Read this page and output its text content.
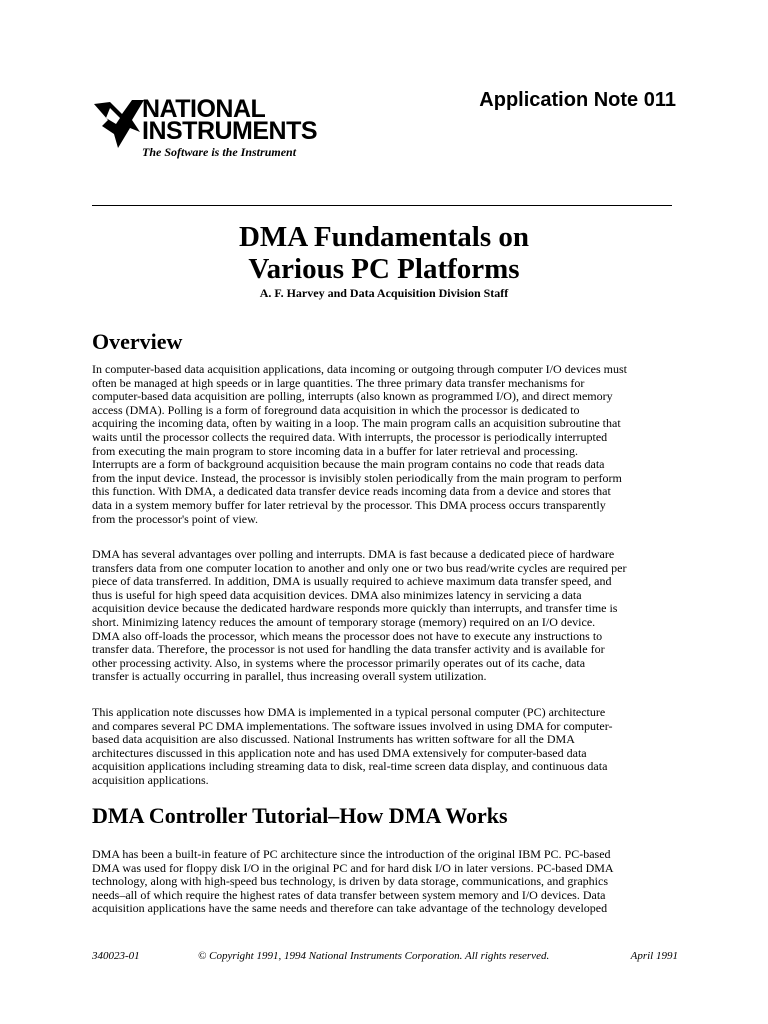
NATIONAL
INSTRUMENTS
The Software is the Instrument
Application Note 011
DMA Fundamentals on
Various PC Platforms
A. F. Harvey and Data Acquisition Division Staff
Overview
In computer-based data acquisition applications, data incoming or outgoing through computer I/O devices must
often be managed at high speeds or in large quantities. The three primary data transfer mechanisms for
computer-based data acquisition are polling, interrupts (also known as programmed I/O), and direct memory
access (DMA). Polling is a form of foreground data acquisition in which the processor is dedicated to
acquiring the incoming data, often by waiting in a loop. The main program calls an acquisition subroutine that
waits until the processor collects the required data. With interrupts, the processor is periodically interrupted
from executing the main program to store incoming data in a buffer for later retrieval and processing.
Interrupts are a form of background acquisition because the main program contains no code that reads data
from the input device. Instead, the processor is invisibly stolen periodically from the main program to perform
this function. With DMA, a dedicated data transfer device reads incoming data from a device and stores that
data in a system memory buffer for later retrieval by the processor. This DMA process occurs transparently
from the processor's point of view.
DMA has several advantages over polling and interrupts. DMA is fast because a dedicated piece of hardware
transfers data from one computer location to another and only one or two bus read/write cycles are required per
piece of data transferred. In addition, DMA is usually required to achieve maximum data transfer speed, and
thus is useful for high speed data acquisition devices. DMA also minimizes latency in servicing a data
acquisition device because the dedicated hardware responds more quickly than interrupts, and transfer time is
short. Minimizing latency reduces the amount of temporary storage (memory) required on an I/O device.
DMA also off-loads the processor, which means the processor does not have to execute any instructions to
transfer data. Therefore, the processor is not used for handling the data transfer activity and is available for
other processing activity. Also, in systems where the processor primarily operates out of its cache, data
transfer is actually occurring in parallel, thus increasing overall system utilization.
This application note discusses how DMA is implemented in a typical personal computer (PC) architecture
and compares several PC DMA implementations. The software issues involved in using DMA for computer-
based data acquisition are also discussed. National Instruments has written software for all the DMA
architectures discussed in this application note and has used DMA extensively for computer-based data
acquisition applications including streaming data to disk, real-time screen data display, and continuous data
acquisition applications.
DMA Controller Tutorial–How DMA Works
DMA has been a built-in feature of PC architecture since the introduction of the original IBM PC. PC-based
DMA was used for floppy disk I/O in the original PC and for hard disk I/O in later versions. PC-based DMA
technology, along with high-speed bus technology, is driven by data storage, communications, and graphics
needs–all of which require the highest rates of data transfer between system memory and I/O devices. Data
acquisition applications have the same needs and therefore can take advantage of the technology developed
340023-01	© Copyright 1991, 1994 National Instruments Corporation. All rights reserved.	April 1991
